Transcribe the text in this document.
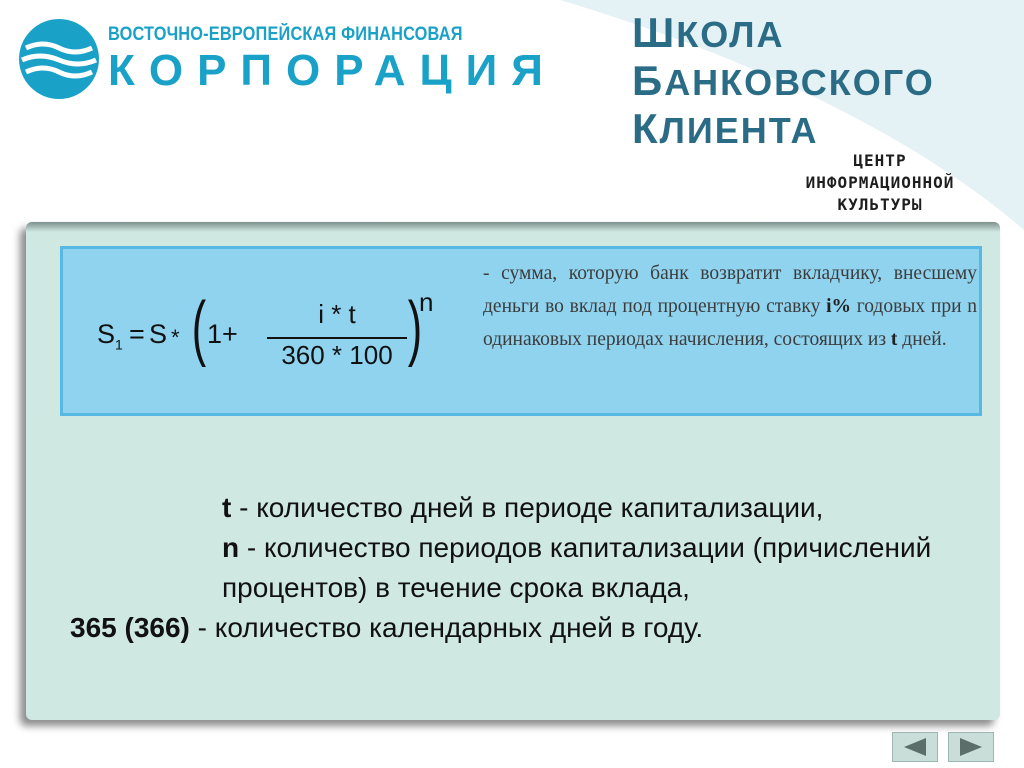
ВОСТОЧНО-ЕВРОПЕЙСКАЯ ФИНАНСОВАЯ
КОРПОРАЦИЯ
ШКОЛА
БАНКОВСКОГО
КЛИЕНТА
ЦЕНТР
ИНФОРМАЦИОННОЙ
КУЛЬТУРЫ
$S_1 = S$ * ( 1 +
i * t
360 * 100 )
n
- сумма, которую банк возвратит вкладчику, внесшему деньги во вклад под процентную ставку i% годовых при n одинаковых периодах начисления, состоящих из t дней.
t - количество дней в периоде капитализации,
n - количество периодов капитализации (причислений процентов) в течение срока вклада,
365 (366) - количество календарных дней в году.
